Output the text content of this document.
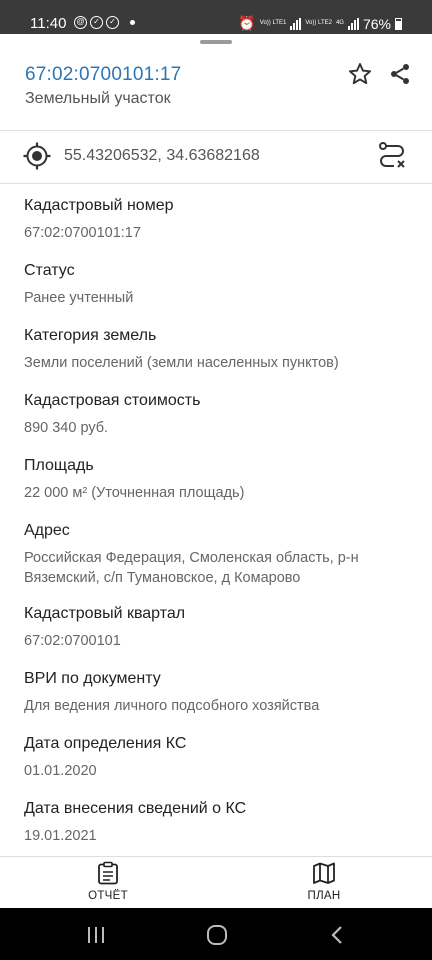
11:40	@	✓	✓	⏰ Vo)) LTE1	Vo)) LTE2 4G 76%
67:02:0700101:17
Земельный участок
55.43206532, 34.63682168
Кадастровый номер
67:02:0700101:17
Статус
Ранее учтенный
Категория земель
Земли поселений (земли населенных пунктов)
Кадастровая стоимость
890 340 руб.
Площадь
22 000 м² (Уточненная площадь)
Адрес
Российская Федерация, Смоленская область, р-н
Вяземский, с/п Тумановское, д Комарово
Кадастровый квартал
67:02:0700101
ВРИ по документу
Для ведения личного подсобного хозяйства
Дата определения КС
01.01.2020
Дата внесения сведений о КС
19.01.2021
ОТЧЁТ	ПЛАН
